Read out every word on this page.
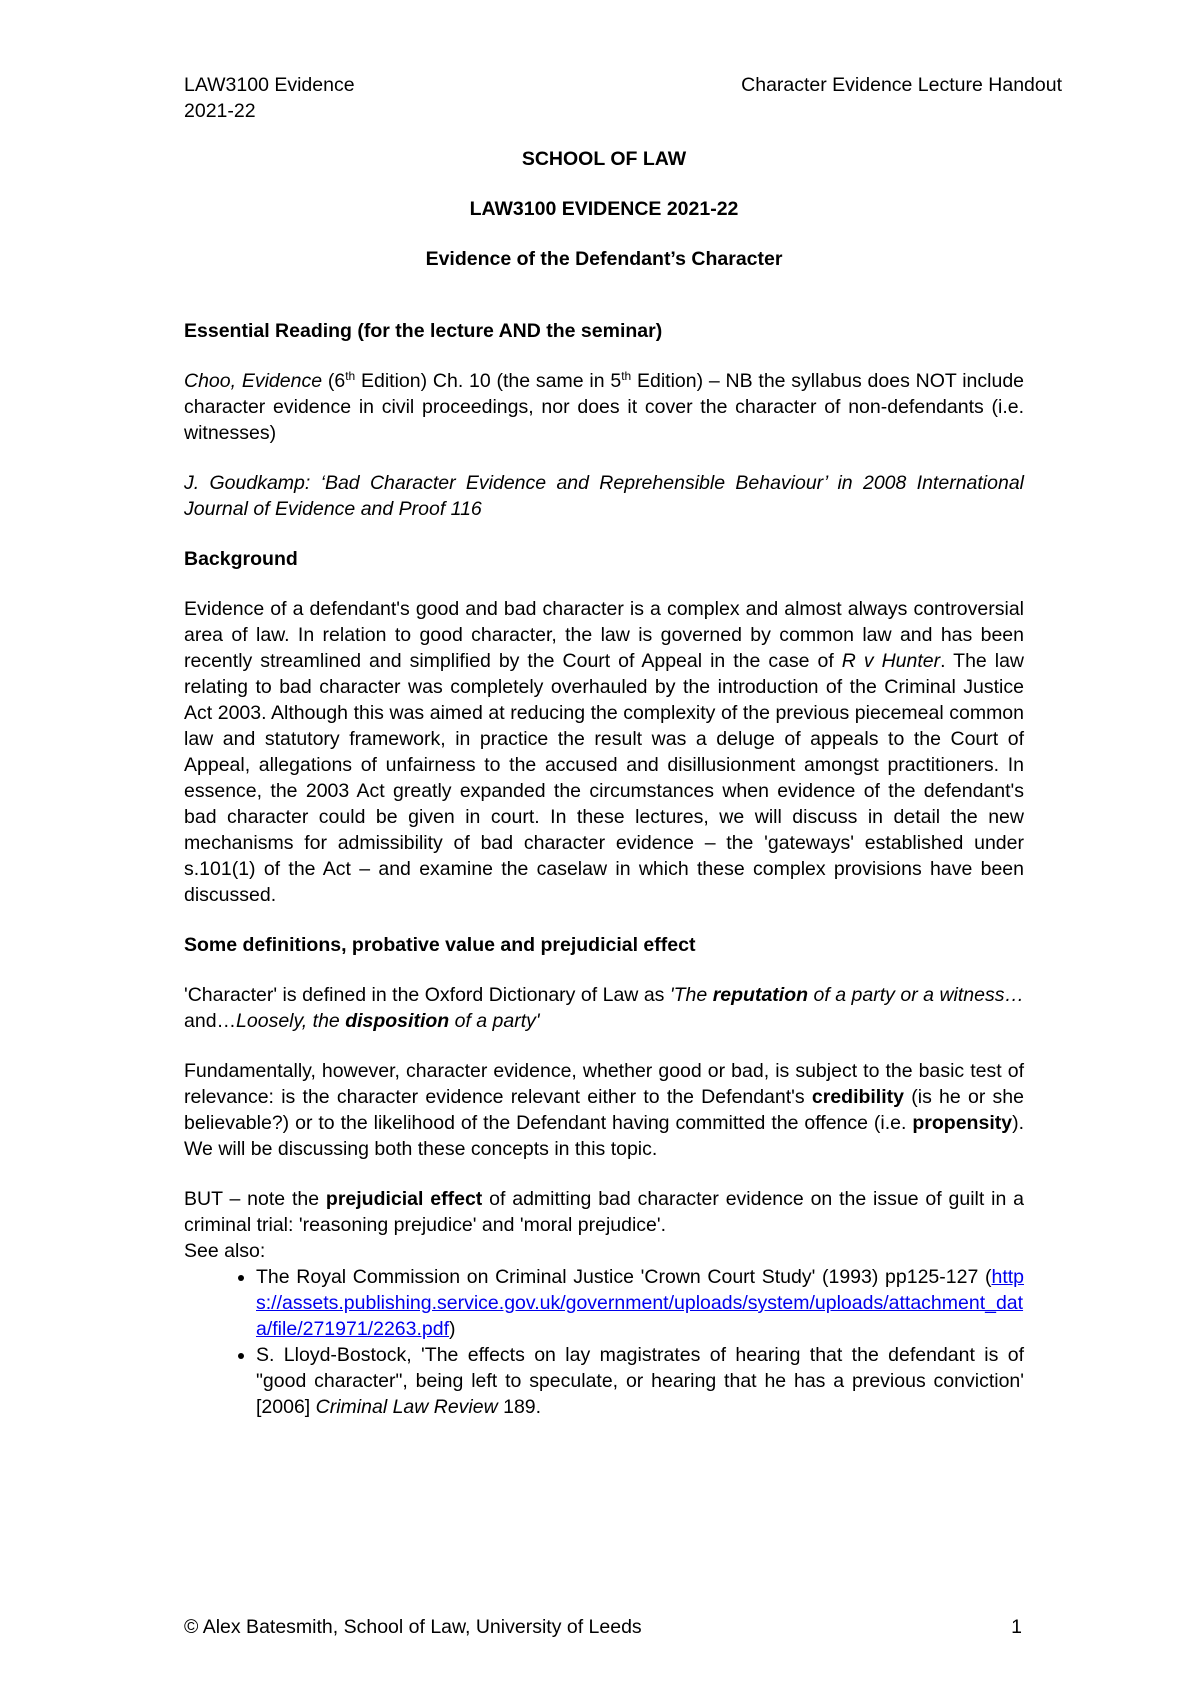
LAW3100 Evidence
2021-22
Character Evidence Lecture Handout

SCHOOL OF LAW

LAW3100 EVIDENCE 2021-22

Evidence of the Defendant’s Character

Essential Reading (for the lecture AND the seminar)

Choo, Evidence (6th Edition) Ch. 10 (the same in 5th Edition) – NB the syllabus does NOT include character evidence in civil proceedings, nor does it cover the character of non-defendants (i.e. witnesses)

J. Goudkamp: ‘Bad Character Evidence and Reprehensible Behaviour’ in 2008 International Journal of Evidence and Proof 116

Background

Evidence of a defendant's good and bad character is a complex and almost always controversial area of law. In relation to good character, the law is governed by common law and has been recently streamlined and simplified by the Court of Appeal in the case of R v Hunter. The law relating to bad character was completely overhauled by the introduction of the Criminal Justice Act 2003. Although this was aimed at reducing the complexity of the previous piecemeal common law and statutory framework, in practice the result was a deluge of appeals to the Court of Appeal, allegations of unfairness to the accused and disillusionment amongst practitioners. In essence, the 2003 Act greatly expanded the circumstances when evidence of the defendant's bad character could be given in court. In these lectures, we will discuss in detail the new mechanisms for admissibility of bad character evidence – the 'gateways' established under s.101(1) of the Act – and examine the caselaw in which these complex provisions have been discussed.

Some definitions, probative value and prejudicial effect

'Character' is defined in the Oxford Dictionary of Law as 'The reputation of a party or a witness… and…Loosely, the disposition of a party'

Fundamentally, however, character evidence, whether good or bad, is subject to the basic test of relevance: is the character evidence relevant either to the Defendant's credibility (is he or she believable?) or to the likelihood of the Defendant having committed the offence (i.e. propensity). We will be discussing both these concepts in this topic.

BUT – note the prejudicial effect of admitting bad character evidence on the issue of guilt in a criminal trial: 'reasoning prejudice' and 'moral prejudice'.

See also:

• The Royal Commission on Criminal Justice 'Crown Court Study' (1993) pp125-127 (https://assets.publishing.service.gov.uk/government/uploads/system/uploads/attachment_data/file/271971/2263.pdf)
• S. Lloyd-Bostock, 'The effects on lay magistrates of hearing that the defendant is of "good character", being left to speculate, or hearing that he has a previous conviction' [2006] Criminal Law Review 189.
© Alex Batesmith, School of Law, University of Leeds	1
